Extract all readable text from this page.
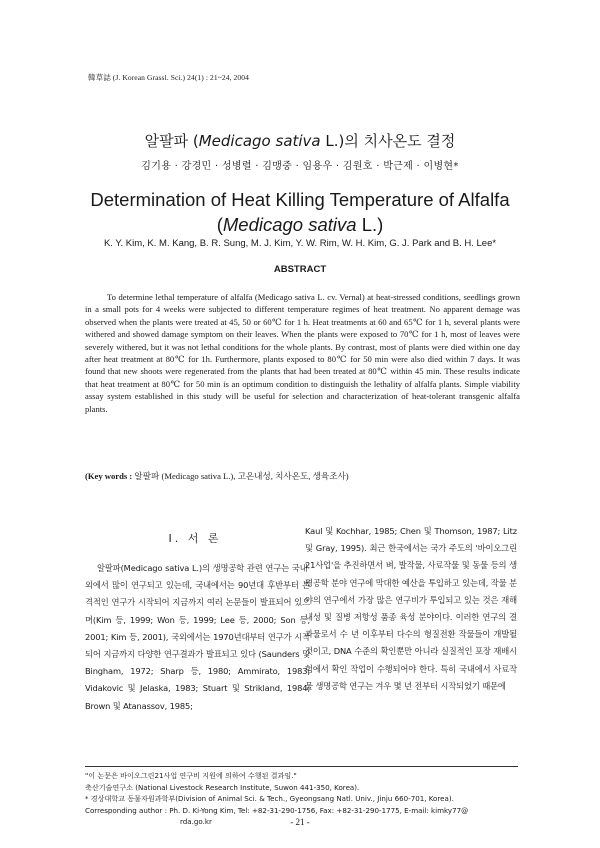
韓草誌 (J. Korean Grassl. Sci.) 24(1) : 21~24, 2004
알팔파 (Medicago sativa L.)의 치사온도 결정
김기용 · 강경민 · 성병렬 · 김맹중 · 임용우 · 김원호 · 박근제 · 이병현*
Determination of Heat Killing Temperature of Alfalfa (Medicago sativa L.)
K. Y. Kim, K. M. Kang, B. R. Sung, M. J. Kim, Y. W. Rim, W. H. Kim, G. J. Park and B. H. Lee*
ABSTRACT
To determine lethal temperature of alfalfa (Medicago sativa L. cv. Vernal) at heat-stressed conditions, seedlings grown in a small pots for 4 weeks were subjected to different temperature regimes of heat treatment. No apparent demage was observed when the plants were treated at 45, 50 or 60℃ for 1 h. Heat treatments at 60 and 65℃ for 1 h, several plants were withered and showed damage symptom on their leaves. When the plants were exposed to 70℃ for 1 h, most of leaves were severely withered, but it was not lethal conditions for the whole plants. By contrast, most of plants were died within one day after heat treatment at 80℃ for 1h. Furthermore, plants exposed to 80℃ for 50 min were also died within 7 days. It was found that new shoots were regenerated from the plants that had been treated at 80℃ within 45 min. These results indicate that heat treatment at 80℃ for 50 min is an optimum condition to distinguish the lethality of alfalfa plants. Simple viability assay system established in this study will be useful for selection and characterization of heat-tolerant transgenic alfalfa plants.
(Key words : 알팔파 (Medicago sativa L.), 고온내성, 치사온도, 생육조사)
I. 서 론
알팔파(Medicago sativa L.)의 생명공학 관련 연구는 국내·외에서 많이 연구되고 있는데, 국내에서는 90년대 후반부터 본격적인 연구가 시작되어 지금까지 여러 논문들이 발표되어 있으며(Kim 등, 1999; Won 등, 1999; Lee 등, 2000; Son 등, 2001; Kim 등, 2001), 국외에서는 1970년대부터 연구가 시작되어 지금까지 다양한 연구결과가 발표되고 있다 (Saunders 및 Bingham, 1972; Sharp 등, 1980; Ammirato, 1983; Vidakovic 및 Jelaska, 1983; Stuart 및 Strikland, 1984; Brown 및 Atanassov, 1985;
Kaul 및 Kochhar, 1985; Chen 및 Thomson, 1987; Litz 및 Gray, 1995). 최근 한국에서는 국가 주도의 '바이오그린21사업'을 추진하면서 벼, 발작물, 사료작물 및 동물 등의 생명공학 분야 연구에 막대한 예산을 투입하고 있는데, 작물 분야의 연구에서 가장 많은 연구비가 투입되고 있는 것은 재해내성 및 질병 저항성 품종 육성 분야이다. 이러한 연구의 결과물로서 수 년 이후부터 다수의 형질전환 작물들이 개발될 것이고, DNA 수준의 확인뿐만 아니라 실질적인 포장 재배시험에서 확인 작업이 수행되어야 한다. 특히 국내에서 사료작물 생명공학 연구는 겨우 몇 년 전부터 시작되었기 때문에
"이 논문은 바이오그린21사업 연구비 지원에 의하여 수행된 결과임."
축산기술연구소 (National Livestock Research Institute, Suwon 441-350, Korea).
* 경상대학교 동물자원과학부(Division of Animal Sci. & Tech., Gyeongsang Natl. Univ., Jinju 660-701, Korea).
Corresponding author : Ph. D. Ki-Yong Kim, Tel: +82-31-290-1756, Fax: +82-31-290-1775, E-mail: kimky77@
rda.go.kr	- 21 -
